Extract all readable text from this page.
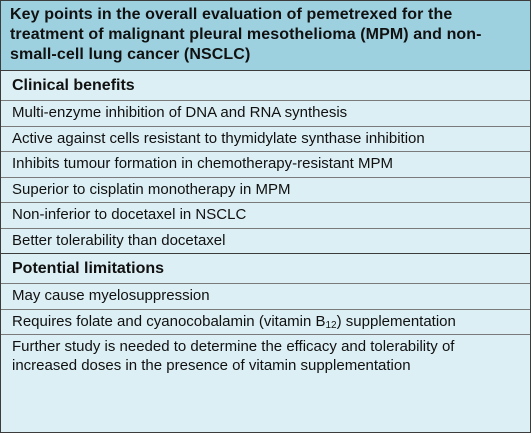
Key points in the overall evaluation of pemetrexed for the treatment of malignant pleural mesothelioma (MPM) and non-small-cell lung cancer (NSCLC)
Clinical benefits
Multi-enzyme inhibition of DNA and RNA synthesis
Active against cells resistant to thymidylate synthase inhibition
Inhibits tumour formation in chemotherapy-resistant MPM
Superior to cisplatin monotherapy in MPM
Non-inferior to docetaxel in NSCLC
Better tolerability than docetaxel
Potential limitations
May cause myelosuppression
Requires folate and cyanocobalamin (vitamin $B_{12}$) supplementation
Further study is needed to determine the efficacy and tolerability of increased doses in the presence of vitamin supplementation
